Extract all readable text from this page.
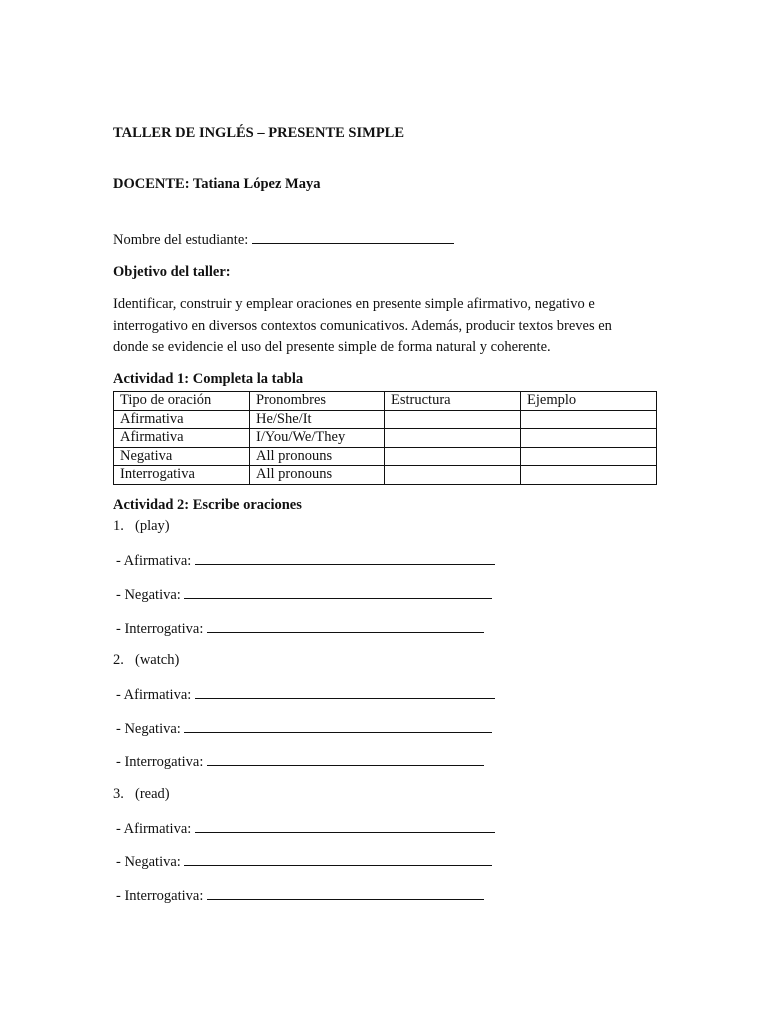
TALLER DE INGLÉS – PRESENTE SIMPLE
DOCENTE: Tatiana López Maya
Nombre del estudiante:
Objetivo del taller:
Identificar, construir y emplear oraciones en presente simple afirmativo, negativo e interrogativo en diversos contextos comunicativos. Además, producir textos breves en donde se evidencie el uso del presente simple de forma natural y coherente.
Actividad 1: Completa la tabla
Tipo de oración	Pronombres	Estructura	Ejemplo
Afirmativa	He/She/It		
Afirmativa	I/You/We/They		
Negativa	All pronouns		
Interrogativa	All pronouns		
Actividad 2: Escribe oraciones
1. (play)
- Afirmativa:
- Negativa:
- Interrogativa:
2. (watch)
- Afirmativa:
- Negativa:
- Interrogativa:
3. (read)
- Afirmativa:
- Negativa:
- Interrogativa:
